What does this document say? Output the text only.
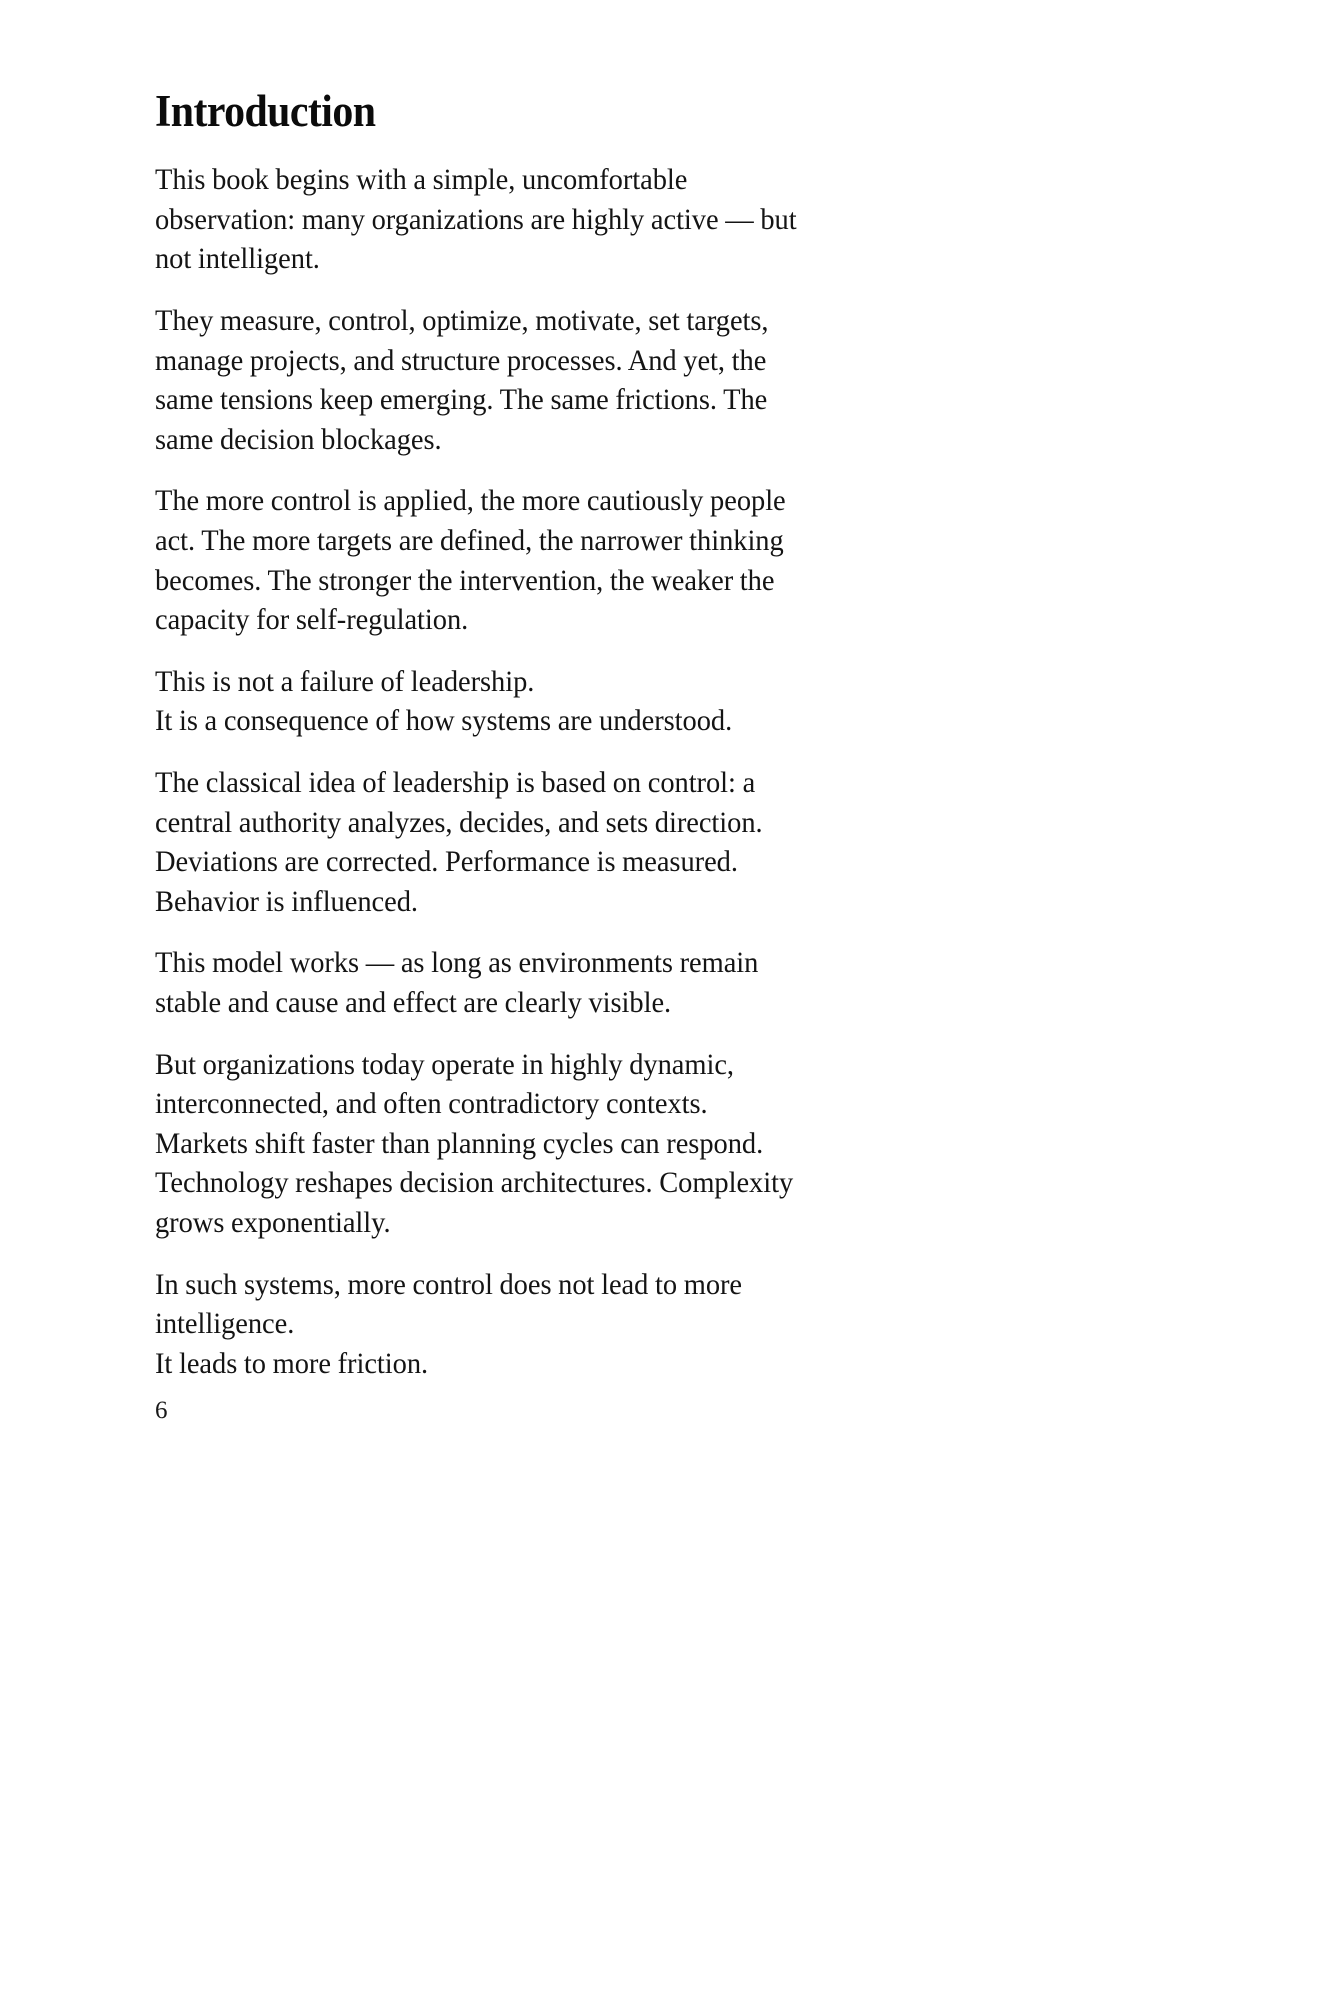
Introduction

This book begins with a simple, uncomfortable
observation: many organizations are highly active — but
not intelligent.

They measure, control, optimize, motivate, set targets,
manage projects, and structure processes. And yet, the
same tensions keep emerging. The same frictions. The
same decision blockages.

The more control is applied, the more cautiously people
act. The more targets are defined, the narrower thinking
becomes. The stronger the intervention, the weaker the
capacity for self-regulation.

This is not a failure of leadership.
It is a consequence of how systems are understood.

The classical idea of leadership is based on control: a
central authority analyzes, decides, and sets direction.
Deviations are corrected. Performance is measured.
Behavior is influenced.

This model works — as long as environments remain
stable and cause and effect are clearly visible.

But organizations today operate in highly dynamic,
interconnected, and often contradictory contexts.
Markets shift faster than planning cycles can respond.
Technology reshapes decision architectures. Complexity
grows exponentially.

In such systems, more control does not lead to more
intelligence.
It leads to more friction.

6
